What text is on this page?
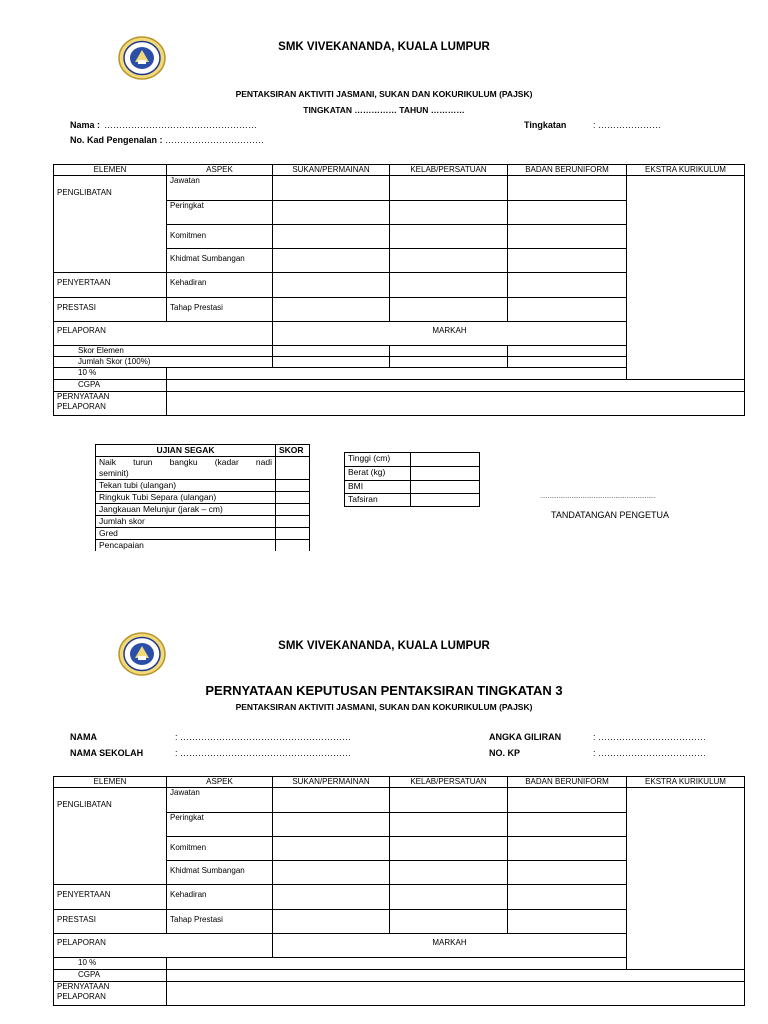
SMK VIVEKANANDA, KUALA LUMPUR
PENTAKSIRAN AKTIVITI JASMANI, SUKAN DAN KOKURIKULUM (PAJSK)
TINGKATAN …………… TAHUN …………
Nama : ……………………………………………
No. Kad Pengenalan : ……………………………
Tingkatan	: …………………
ELEMEN	ASPEK	SUKAN/PERMAINAN	KELAB/PERSATUAN	BADAN BERUNIFORM	EKSTRA KURIKULUM
PENGLIBATAN	Jawatan				
	Peringkat				
	Komitmen				
	Khidmat Sumbangan				
PENYERTAAN	Kehadiran				
PRESTASI	Tahap Prestasi				
PELAPORAN		MARKAH			
Skor Elemen					
Jumlah Skor (100%)					
10 %					
CGPA					
PERNYATAAN
PELAPORAN					
UJIAN SEGAK	SKOR

Naik turun bangku (kadar nadi
seminit)	

Tekan tubi (ulangan)	
Ringkuk Tubi Separa (ulangan)	
Jangkauan Melunjur (jarak – cm)	
Jumlah skor	
Gred	
Pencapaian	
Tinggi (cm)	
Berat (kg)	
BMI	
Tafsiran		………………………………………………………
TANDATANGAN PENGETUA
SMK VIVEKANANDA, KUALA LUMPUR
PERNYATAAN KEPUTUSAN PENTAKSIRAN TINGKATAN 3
PENTAKSIRAN AKTIVITI JASMANI, SUKAN DAN KOKURIKULUM (PAJSK)
NAMA	: …………………………………………………
NAMA SEKOLAH	: …………………………………………………
ANGKA GILIRAN	: ………………………………
NO. KP	: ………………………………
ELEMEN	ASPEK	SUKAN/PERMAINAN	KELAB/PERSATUAN	BADAN BERUNIFORM	EKSTRA KURIKULUM
PENGLIBATAN	Jawatan				
	Peringkat				
	Komitmen				
	Khidmat Sumbangan				
PENYERTAAN	Kehadiran				
PRESTASI	Tahap Prestasi				
PELAPORAN		MARKAH			
10 %					
CGPA					
PERNYATAAN
PELAPORAN					
